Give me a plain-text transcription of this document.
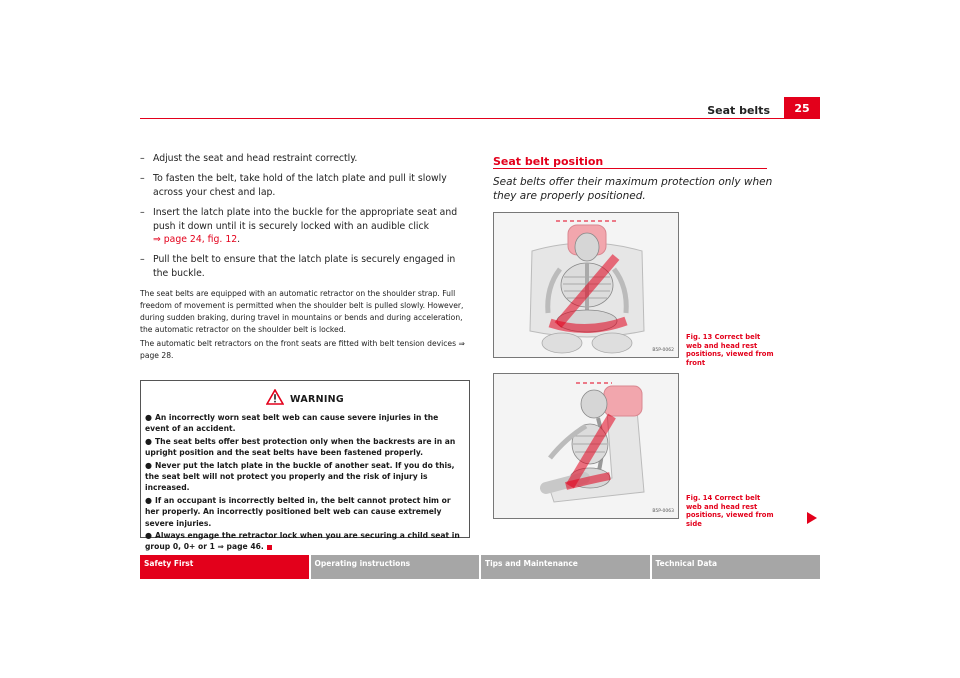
Seat belts	25
– Adjust the seat and head restraint correctly.
– To fasten the belt, take hold of the latch plate and pull it slowly across your chest and lap.
– Insert the latch plate into the buckle for the appropriate seat and push it down until it is securely locked with an audible click
⇒ page 24, fig. 12.
– Pull the belt to ensure that the latch plate is securely engaged in the buckle.

The seat belts are equipped with an automatic retractor on the shoulder strap. Full freedom of movement is permitted when the shoulder belt is pulled slowly. However, during sudden braking, during travel in mountains or bends and during acceleration, the automatic retractor on the shoulder belt is locked.

The automatic belt retractors on the front seats are fitted with belt tension devices ⇒ page 28.

WARNING
● An incorrectly worn seat belt web can cause severe injuries in the event of an accident.
● The seat belts offer best protection only when the backrests are in an upright position and the seat belts have been fastened properly.
● Never put the latch plate in the buckle of another seat. If you do this, the seat belt will not protect you properly and the risk of injury is increased.
● If an occupant is incorrectly belted in, the belt cannot protect him or her properly. An incorrectly positioned belt web can cause extremely severe injuries.
● Always engage the retractor lock when you are securing a child seat in group 0, 0+ or 1 ⇒ page 46.
Seat belt position
Seat belts offer their maximum protection only when they are properly positioned.
B5P-0062
Fig. 13 Correct belt web and head rest positions, viewed from front
B5P-0063
Fig. 14 Correct belt web and head rest positions, viewed from side
Safety First	Operating instructions	Tips and Maintenance	Technical Data
